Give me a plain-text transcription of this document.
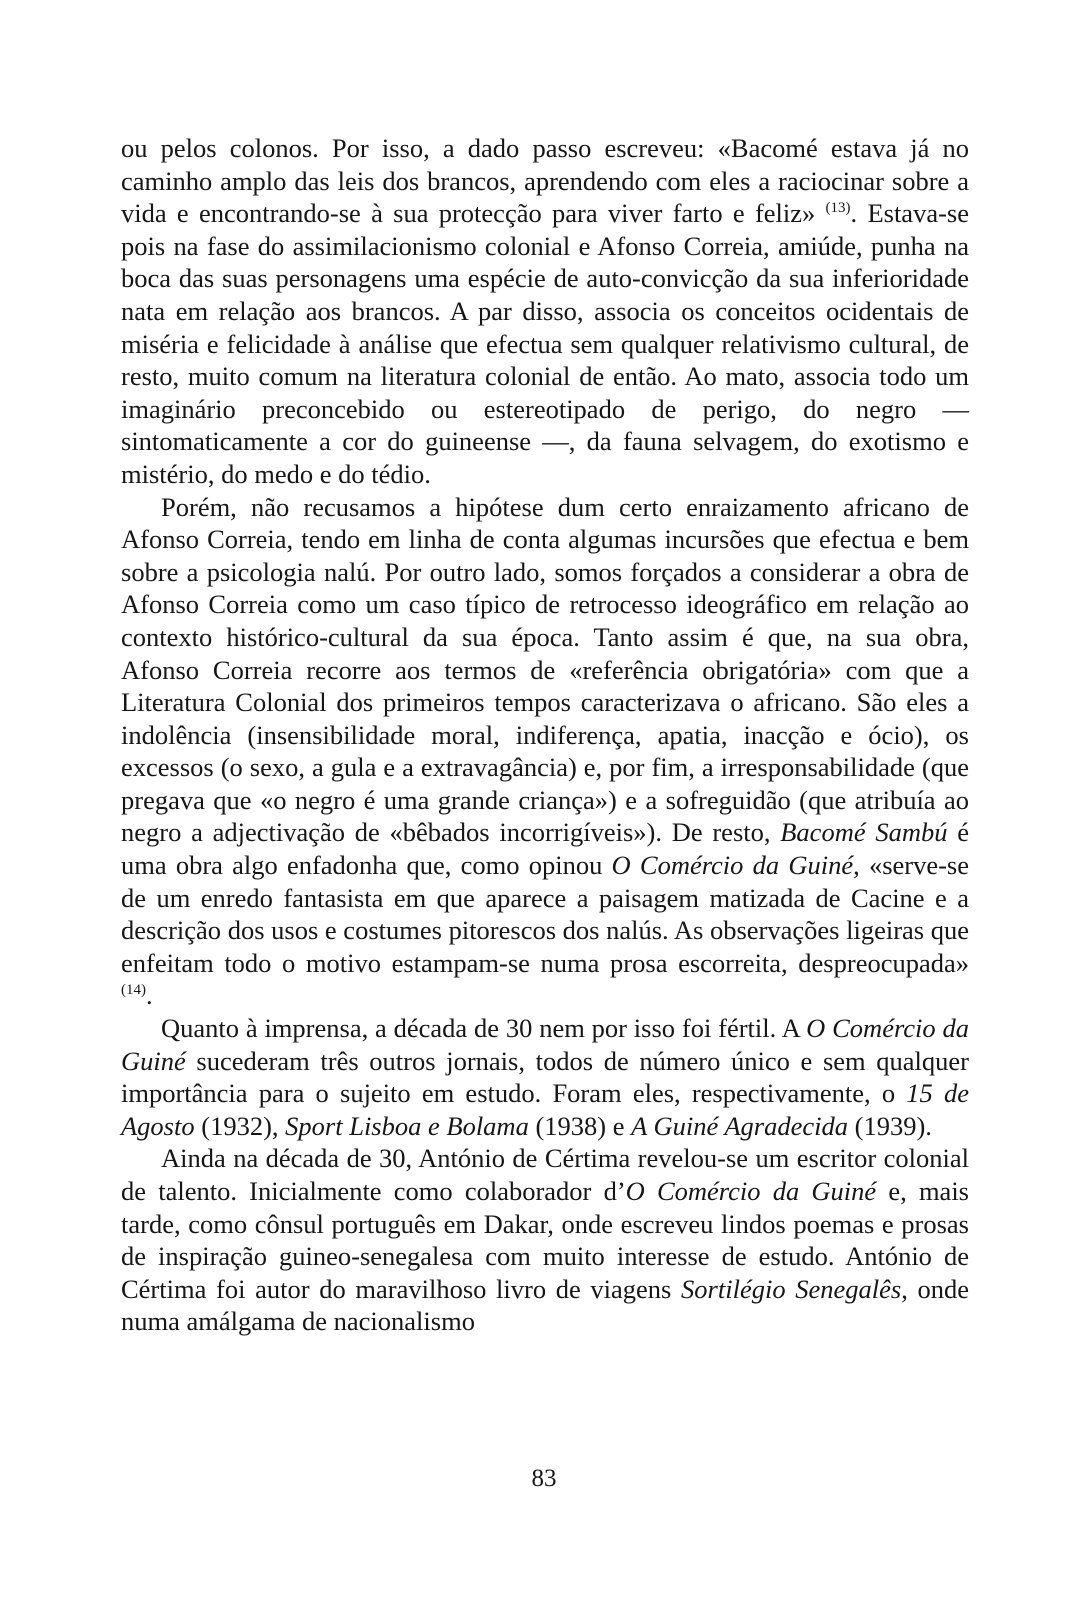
ou pelos colonos. Por isso, a dado passo escreveu: «Bacomé estava já no caminho amplo das leis dos brancos, aprendendo com eles a raciocinar sobre a vida e encontrando-se à sua protecção para viver farto e feliz» $^{(13)}$. Estava-se pois na fase do assimilacionismo colonial e Afonso Correia, amiúde, punha na boca das suas personagens uma espécie de auto-convicção da sua inferioridade nata em relação aos brancos. A par disso, associa os conceitos ocidentais de miséria e felicidade à análise que efectua sem qualquer relativismo cultural, de resto, muito comum na literatura colonial de então. Ao mato, associa todo um imaginário preconcebido ou estereotipado de perigo, do negro — sintomaticamente a cor do guineense —, da fauna selvagem, do exotismo e mistério, do medo e do tédio.

Porém, não recusamos a hipótese dum certo enraizamento africano de Afonso Correia, tendo em linha de conta algumas incursões que efectua e bem sobre a psicologia nalú. Por outro lado, somos forçados a considerar a obra de Afonso Correia como um caso típico de retrocesso ideográfico em relação ao contexto histórico-cultural da sua época. Tanto assim é que, na sua obra, Afonso Correia recorre aos termos de «referência obrigatória» com que a Literatura Colonial dos primeiros tempos caracterizava o africano. São eles a indolência (insensibilidade moral, indiferença, apatia, inacção e ócio), os excessos (o sexo, a gula e a extravagância) e, por fim, a irresponsabilidade (que pregava que «o negro é uma grande criança») e a sofreguidão (que atribuía ao negro a adjectivação de «bêbados incorrigíveis»). De resto, Bacomé Sambú é uma obra algo enfadonha que, como opinou O Comércio da Guiné, «serve-se de um enredo fantasista em que aparece a paisagem matizada de Cacine e a descrição dos usos e costumes pitorescos dos nalús. As observações ligeiras que enfeitam todo o motivo estampam-se numa prosa escorreita, despreocupada» $^{(14)}$.

Quanto à imprensa, a década de 30 nem por isso foi fértil. A O Comércio da Guiné sucederam três outros jornais, todos de número único e sem qualquer importância para o sujeito em estudo. Foram eles, respectivamente, o 15 de Agosto (1932), Sport Lisboa e Bolama (1938) e A Guiné Agradecida (1939).

Ainda na década de 30, António de Cértima revelou-se um escritor colonial de talento. Inicialmente como colaborador d’O Comércio da Guiné e, mais tarde, como cônsul português em Dakar, onde escreveu lindos poemas e prosas de inspiração guineo-senegalesa com muito interesse de estudo. António de Cértima foi autor do maravilhoso livro de viagens Sortilégio Senegalês, onde numa amálgama de nacionalismo

83
